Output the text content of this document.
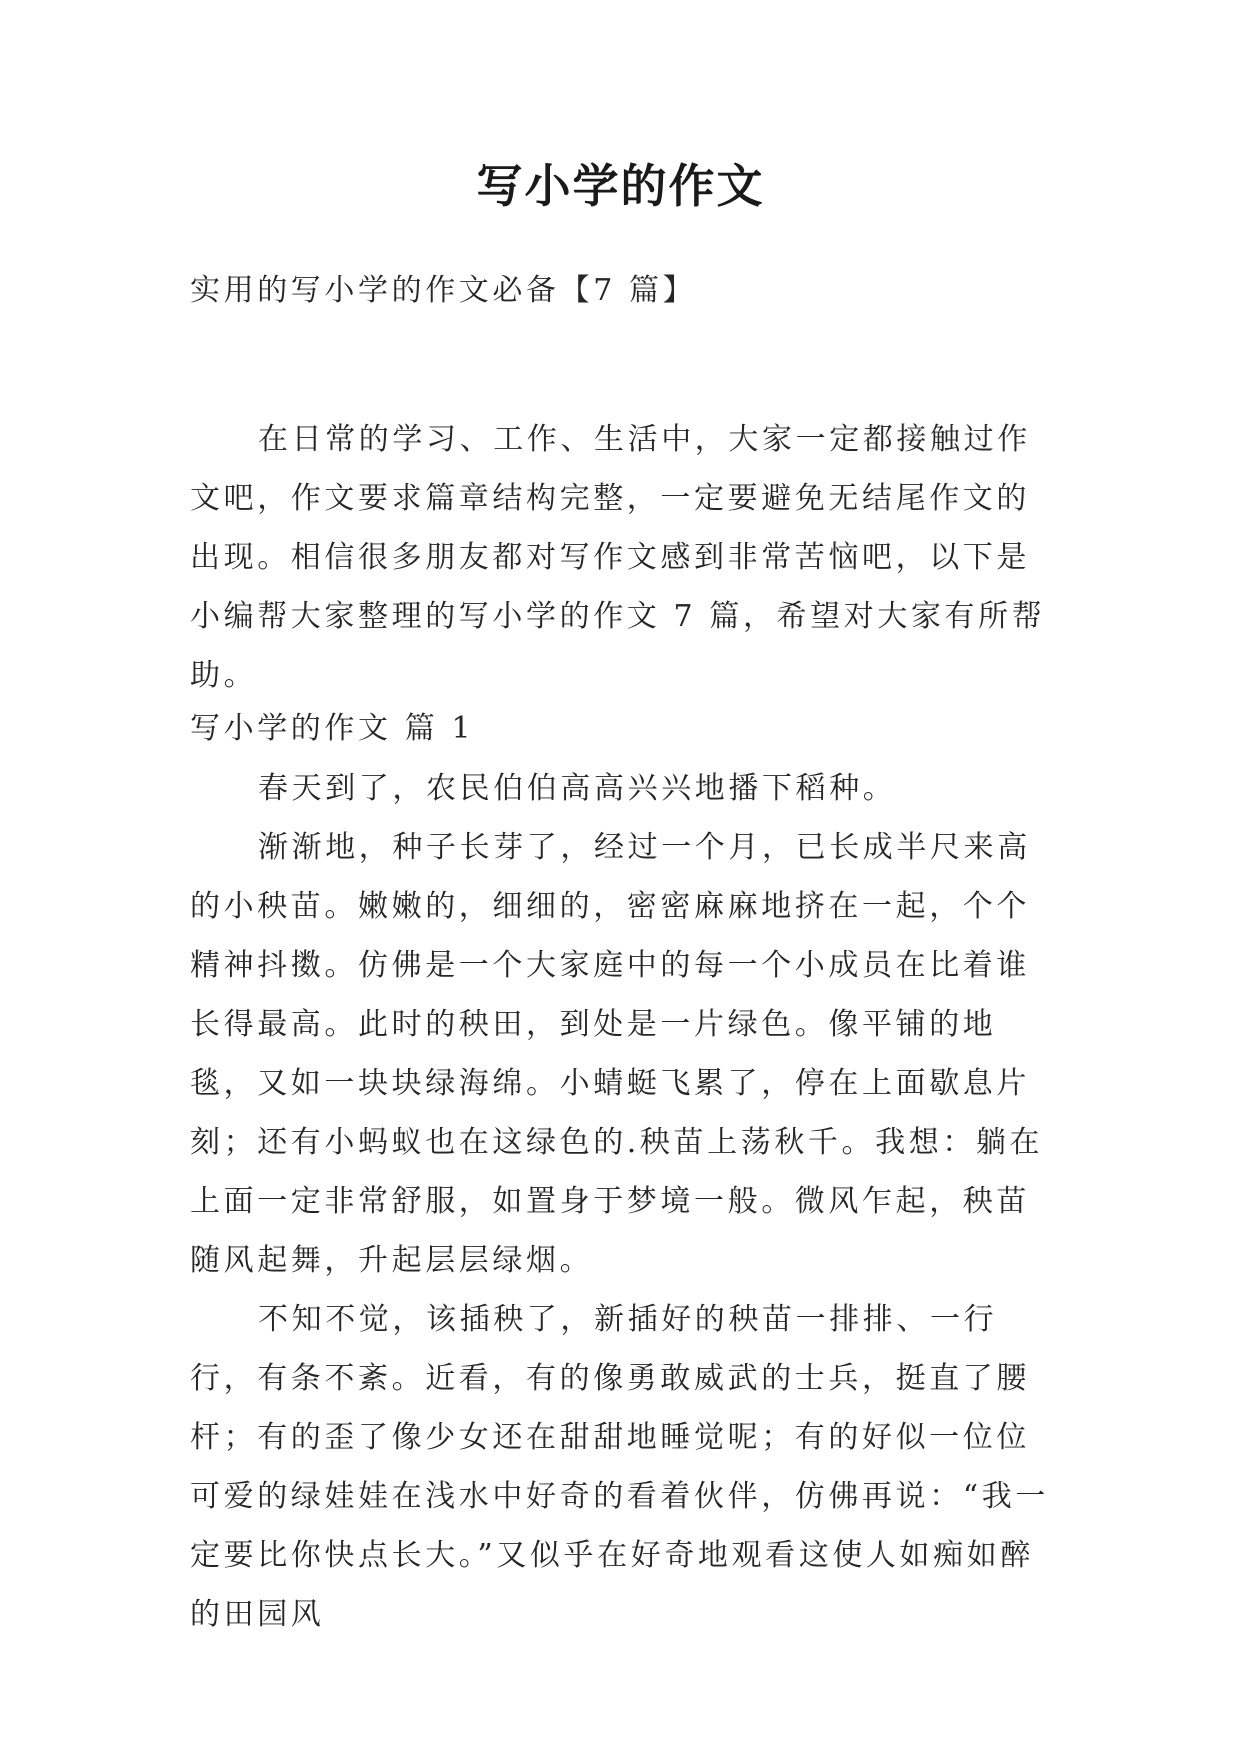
写小学的作文

实用的写小学的作文必备【7 篇】

在日常的学习、工作、生活中，大家一定都接触过作文吧，作文要求篇章结构完整，一定要避免无结尾作文的出现。相信很多朋友都对写作文感到非常苦恼吧，以下是小编帮大家整理的写小学的作文 7 篇，希望对大家有所帮助。

写小学的作文 篇 1

春天到了，农民伯伯高高兴兴地播下稻种。

渐渐地，种子长芽了，经过一个月，已长成半尺来高的小秧苗。嫩嫩的，细细的，密密麻麻地挤在一起，个个精神抖擞。仿佛是一个大家庭中的每一个小成员在比着谁长得最高。此时的秧田，到处是一片绿色。像平铺的地毯，又如一块块绿海绵。小蜻蜓飞累了，停在上面歇息片刻；还有小蚂蚁也在这绿色的.秧苗上荡秋千。我想：躺在上面一定非常舒服，如置身于梦境一般。微风乍起，秧苗随风起舞，升起层层绿烟。

不知不觉，该插秧了，新插好的秧苗一排排、一行行，有条不紊。近看，有的像勇敢威武的士兵，挺直了腰杆；有的歪了像少女还在甜甜地睡觉呢；有的好似一位位可爱的绿娃娃在浅水中好奇的看着伙伴，仿佛再说：“我一定要比你快点长大。”又似乎在好奇地观看这使人如痴如醉的田园风
